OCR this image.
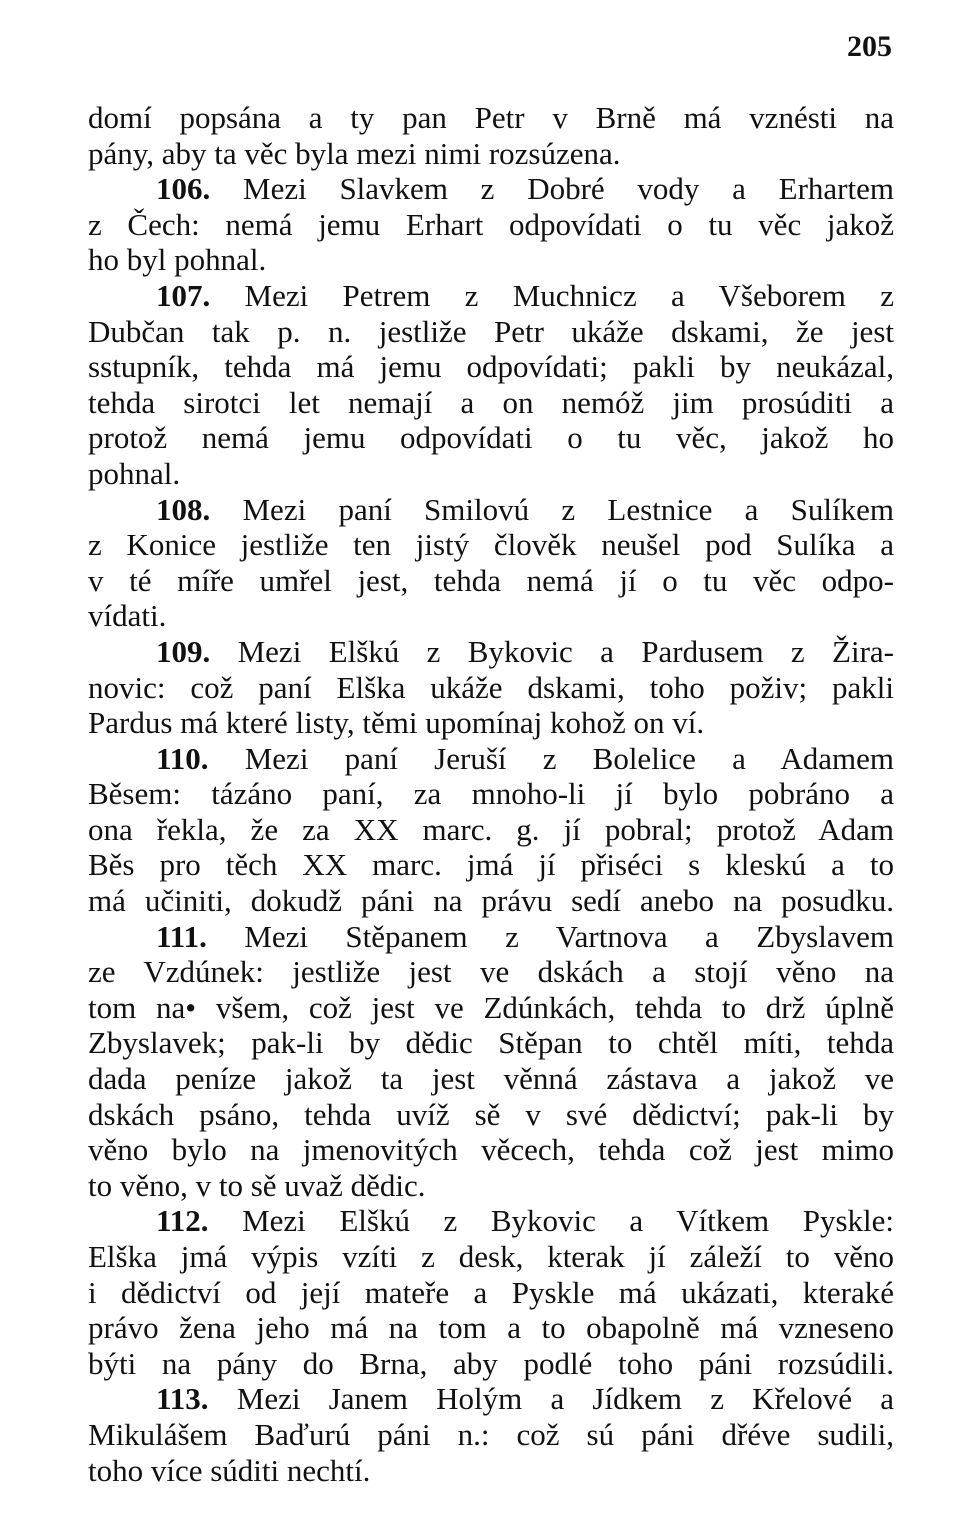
205
domí popsána a ty pan Petr v Brně má vznésti na
pány, aby ta věc byla mezi nimi rozsúzena.
106. Mezi Slavkem z Dobré vody a Erhartem
z Čech: nemá jemu Erhart odpovídati o tu věc jakož
ho byl pohnal.
107. Mezi Petrem z Muchnicz a Všeborem z
Dubčan tak p. n. jestliže Petr ukáže dskami, že jest
sstupník, tehda má jemu odpovídati; pakli by neukázal,
tehda sirotci let nemají a on nemóž jim prosúditi a
protož nemá jemu odpovídati o tu věc, jakož ho
pohnal.
108. Mezi paní Smilovú z Lestnice a Sulíkem
z Konice jestliže ten jistý člověk neušel pod Sulíka a
v té míře umřel jest, tehda nemá jí o tu věc odpo-
vídati.
109. Mezi Elškú z Bykovic a Pardusem z Žira-
novic: což paní Elška ukáže dskami, toho poživ; pakli
Pardus má které listy, těmi upomínaj kohož on ví.
110. Mezi paní Jeruší z Bolelice a Adamem
Běsem: tázáno paní, za mnoho-li jí bylo pobráno a
ona řekla, že za XX marc. g. jí pobral; protož Adam
Běs pro těch XX marc. jmá jí přiséci s kleskú a to
má učiniti, dokudž páni na právu sedí anebo na posudku.
111. Mezi Stěpanem z Vartnova a Zbyslavem
ze Vzdúnek: jestliže jest ve dskách a stojí věno na
tom na• všem, což jest ve Zdúnkách, tehda to drž úplně
Zbyslavek; pak-li by dědic Stěpan to chtěl míti, tehda
dada peníze jakož ta jest věnná zástava a jakož ve
dskách psáno, tehda uvíž sě v své dědictví; pak-li by
věno bylo na jmenovitých věcech, tehda což jest mimo
to věno, v to sě uvaž dědic.
112. Mezi Elškú z Bykovic a Vítkem Pyskle:
Elška jmá výpis vzíti z desk, kterak jí záleží to věno
i dědictví od její mateře a Pyskle má ukázati, kteraké
právo žena jeho má na tom a to obapolně má vzneseno
býti na pány do Brna, aby podlé toho páni rozsúdili.
113. Mezi Janem Holým a Jídkem z Křelové a
Mikulášem Baďurú páni n.: což sú páni dřéve sudili,
toho více súditi nechtí.
